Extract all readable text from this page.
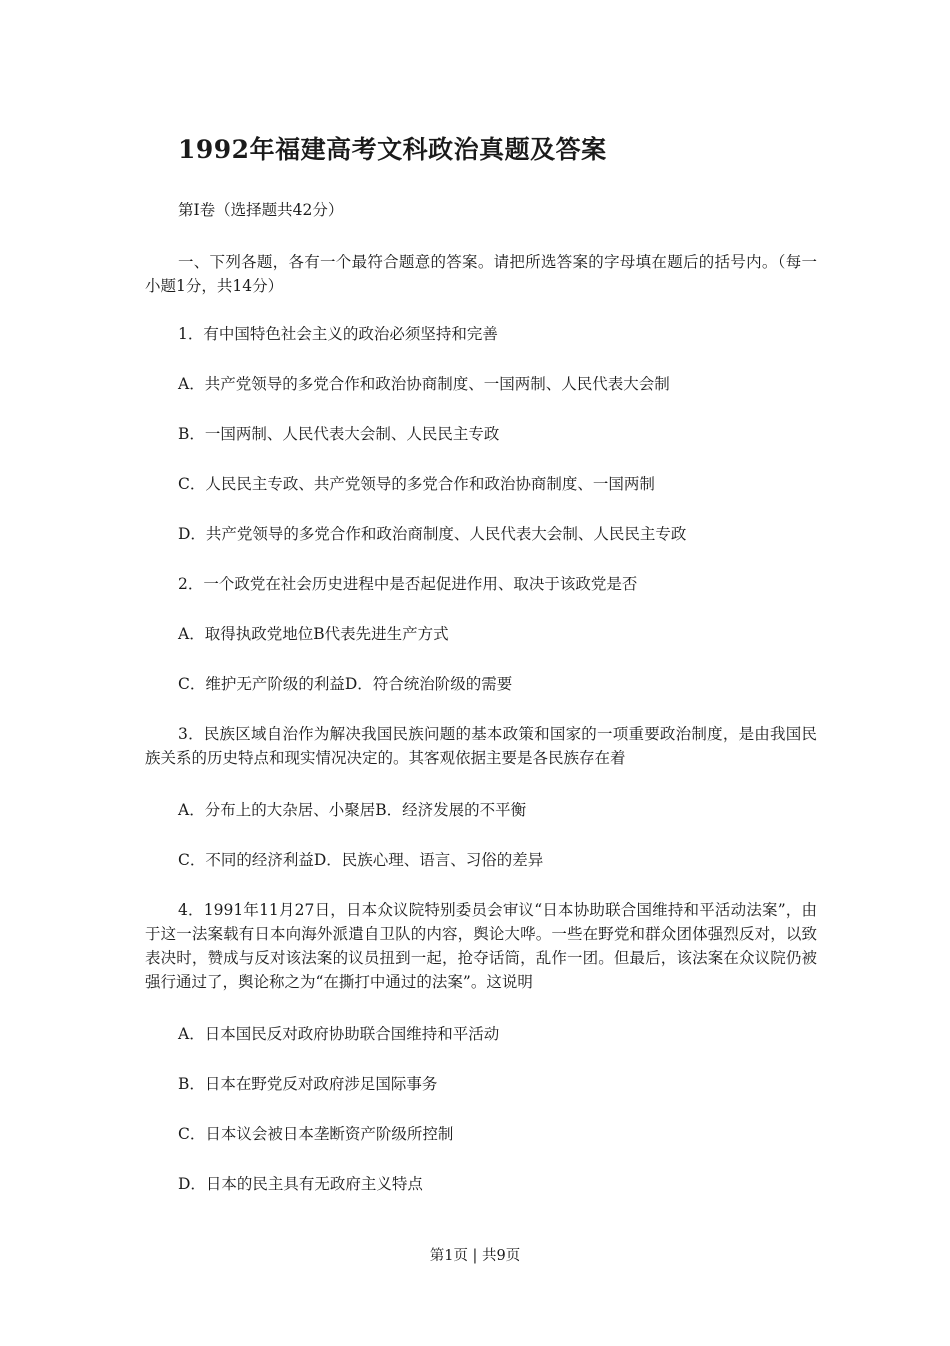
1992年福建高考文科政治真题及答案
第I卷（选择题共42分）
一、下列各题，各有一个最符合题意的答案。请把所选答案的字母填在题后的括号内。（每一小题1分，共14分）
1．有中国特色社会主义的政治必须坚持和完善
A．共产党领导的多党合作和政治协商制度、一国两制、人民代表大会制
B．一国两制、人民代表大会制、人民民主专政
C．人民民主专政、共产党领导的多党合作和政治协商制度、一国两制
D．共产党领导的多党合作和政治商制度、人民代表大会制、人民民主专政
2．一个政党在社会历史进程中是否起促进作用、取决于该政党是否
A．取得执政党地位B代表先进生产方式
C．维护无产阶级的利益D．符合统治阶级的需要
3．民族区域自治作为解决我国民族问题的基本政策和国家的一项重要政治制度，是由我国民族关系的历史特点和现实情况决定的。其客观依据主要是各民族存在着
A．分布上的大杂居、小聚居B．经济发展的不平衡
C．不同的经济利益D．民族心理、语言、习俗的差异
4．1991年11月27日，日本众议院特别委员会审议“日本协助联合国维持和平活动法案”，由于这一法案载有日本向海外派遣自卫队的内容，舆论大哗。一些在野党和群众团体强烈反对，以致表决时，赞成与反对该法案的议员扭到一起，抢夺话筒，乱作一团。但最后，该法案在众议院仍被强行通过了，舆论称之为“在撕打中通过的法案”。这说明
A．日本国民反对政府协助联合国维持和平活动
B．日本在野党反对政府涉足国际事务
C．日本议会被日本垄断资产阶级所控制
D．日本的民主具有无政府主义特点
第1页 | 共9页
